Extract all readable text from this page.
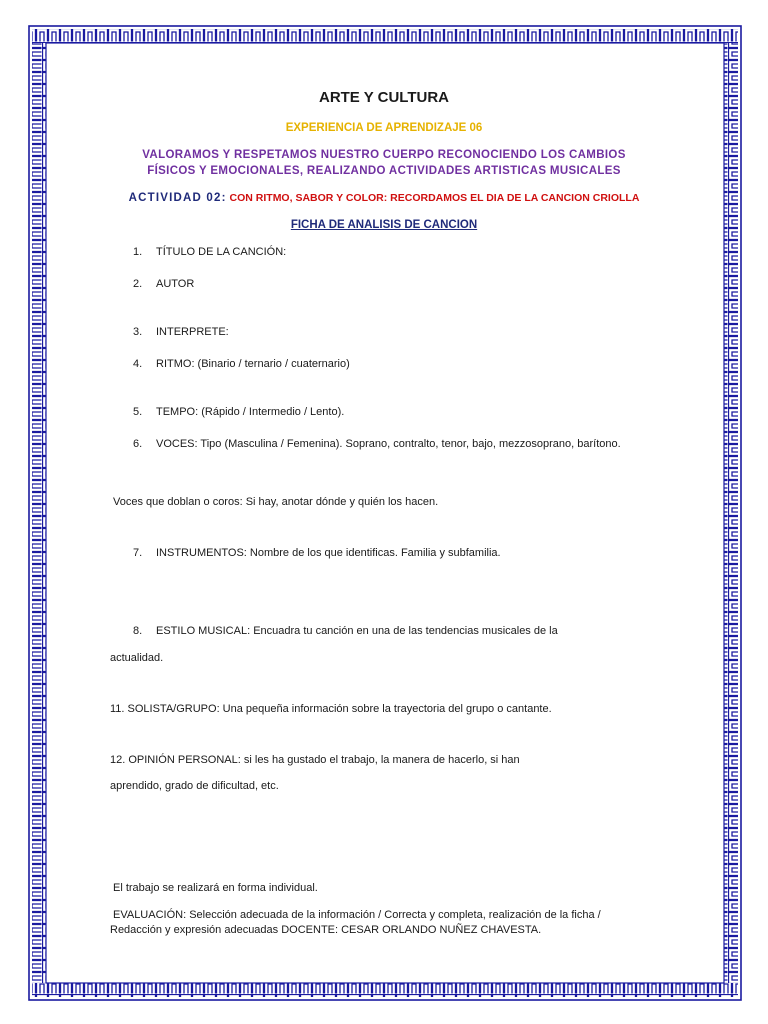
ARTE Y CULTURA
EXPERIENCIA DE APRENDIZAJE 06
VALORAMOS Y RESPETAMOS NUESTRO CUERPO RECONOCIENDO LOS CAMBIOS
FÍSICOS Y EMOCIONALES, REALIZANDO ACTIVIDADES ARTISTICAS MUSICALES
ACTIVIDAD 02: CON RITMO, SABOR Y COLOR: RECORDAMOS EL DIA DE LA CANCION CRIOLLA
FICHA DE ANALISIS DE CANCION
1. TÍTULO DE LA CANCIÓN:
2. AUTOR
3. INTERPRETE:
4. RITMO: (Binario / ternario / cuaternario)
5. TEMPO: (Rápido / Intermedio / Lento).
6. VOCES: Tipo (Masculina / Femenina). Soprano, contralto, tenor, bajo, mezzosoprano, barítono.
Voces que doblan o coros: Si hay, anotar dónde y quién los hacen.
7. INSTRUMENTOS: Nombre de los que identificas. Familia y subfamilia.
8. ESTILO MUSICAL: Encuadra tu canción en una de las tendencias musicales de la
actualidad.
11. SOLISTA/GRUPO: Una pequeña información sobre la trayectoria del grupo o cantante.
12. OPINIÓN PERSONAL: si les ha gustado el trabajo, la manera de hacerlo, si han
aprendido, grado de dificultad, etc.
El trabajo se realizará en forma individual.
EVALUACIÓN: Selección adecuada de la información / Correcta y completa, realización de la ficha /
Redacción y expresión adecuadas DOCENTE: CESAR ORLANDO NUÑEZ CHAVESTA.
